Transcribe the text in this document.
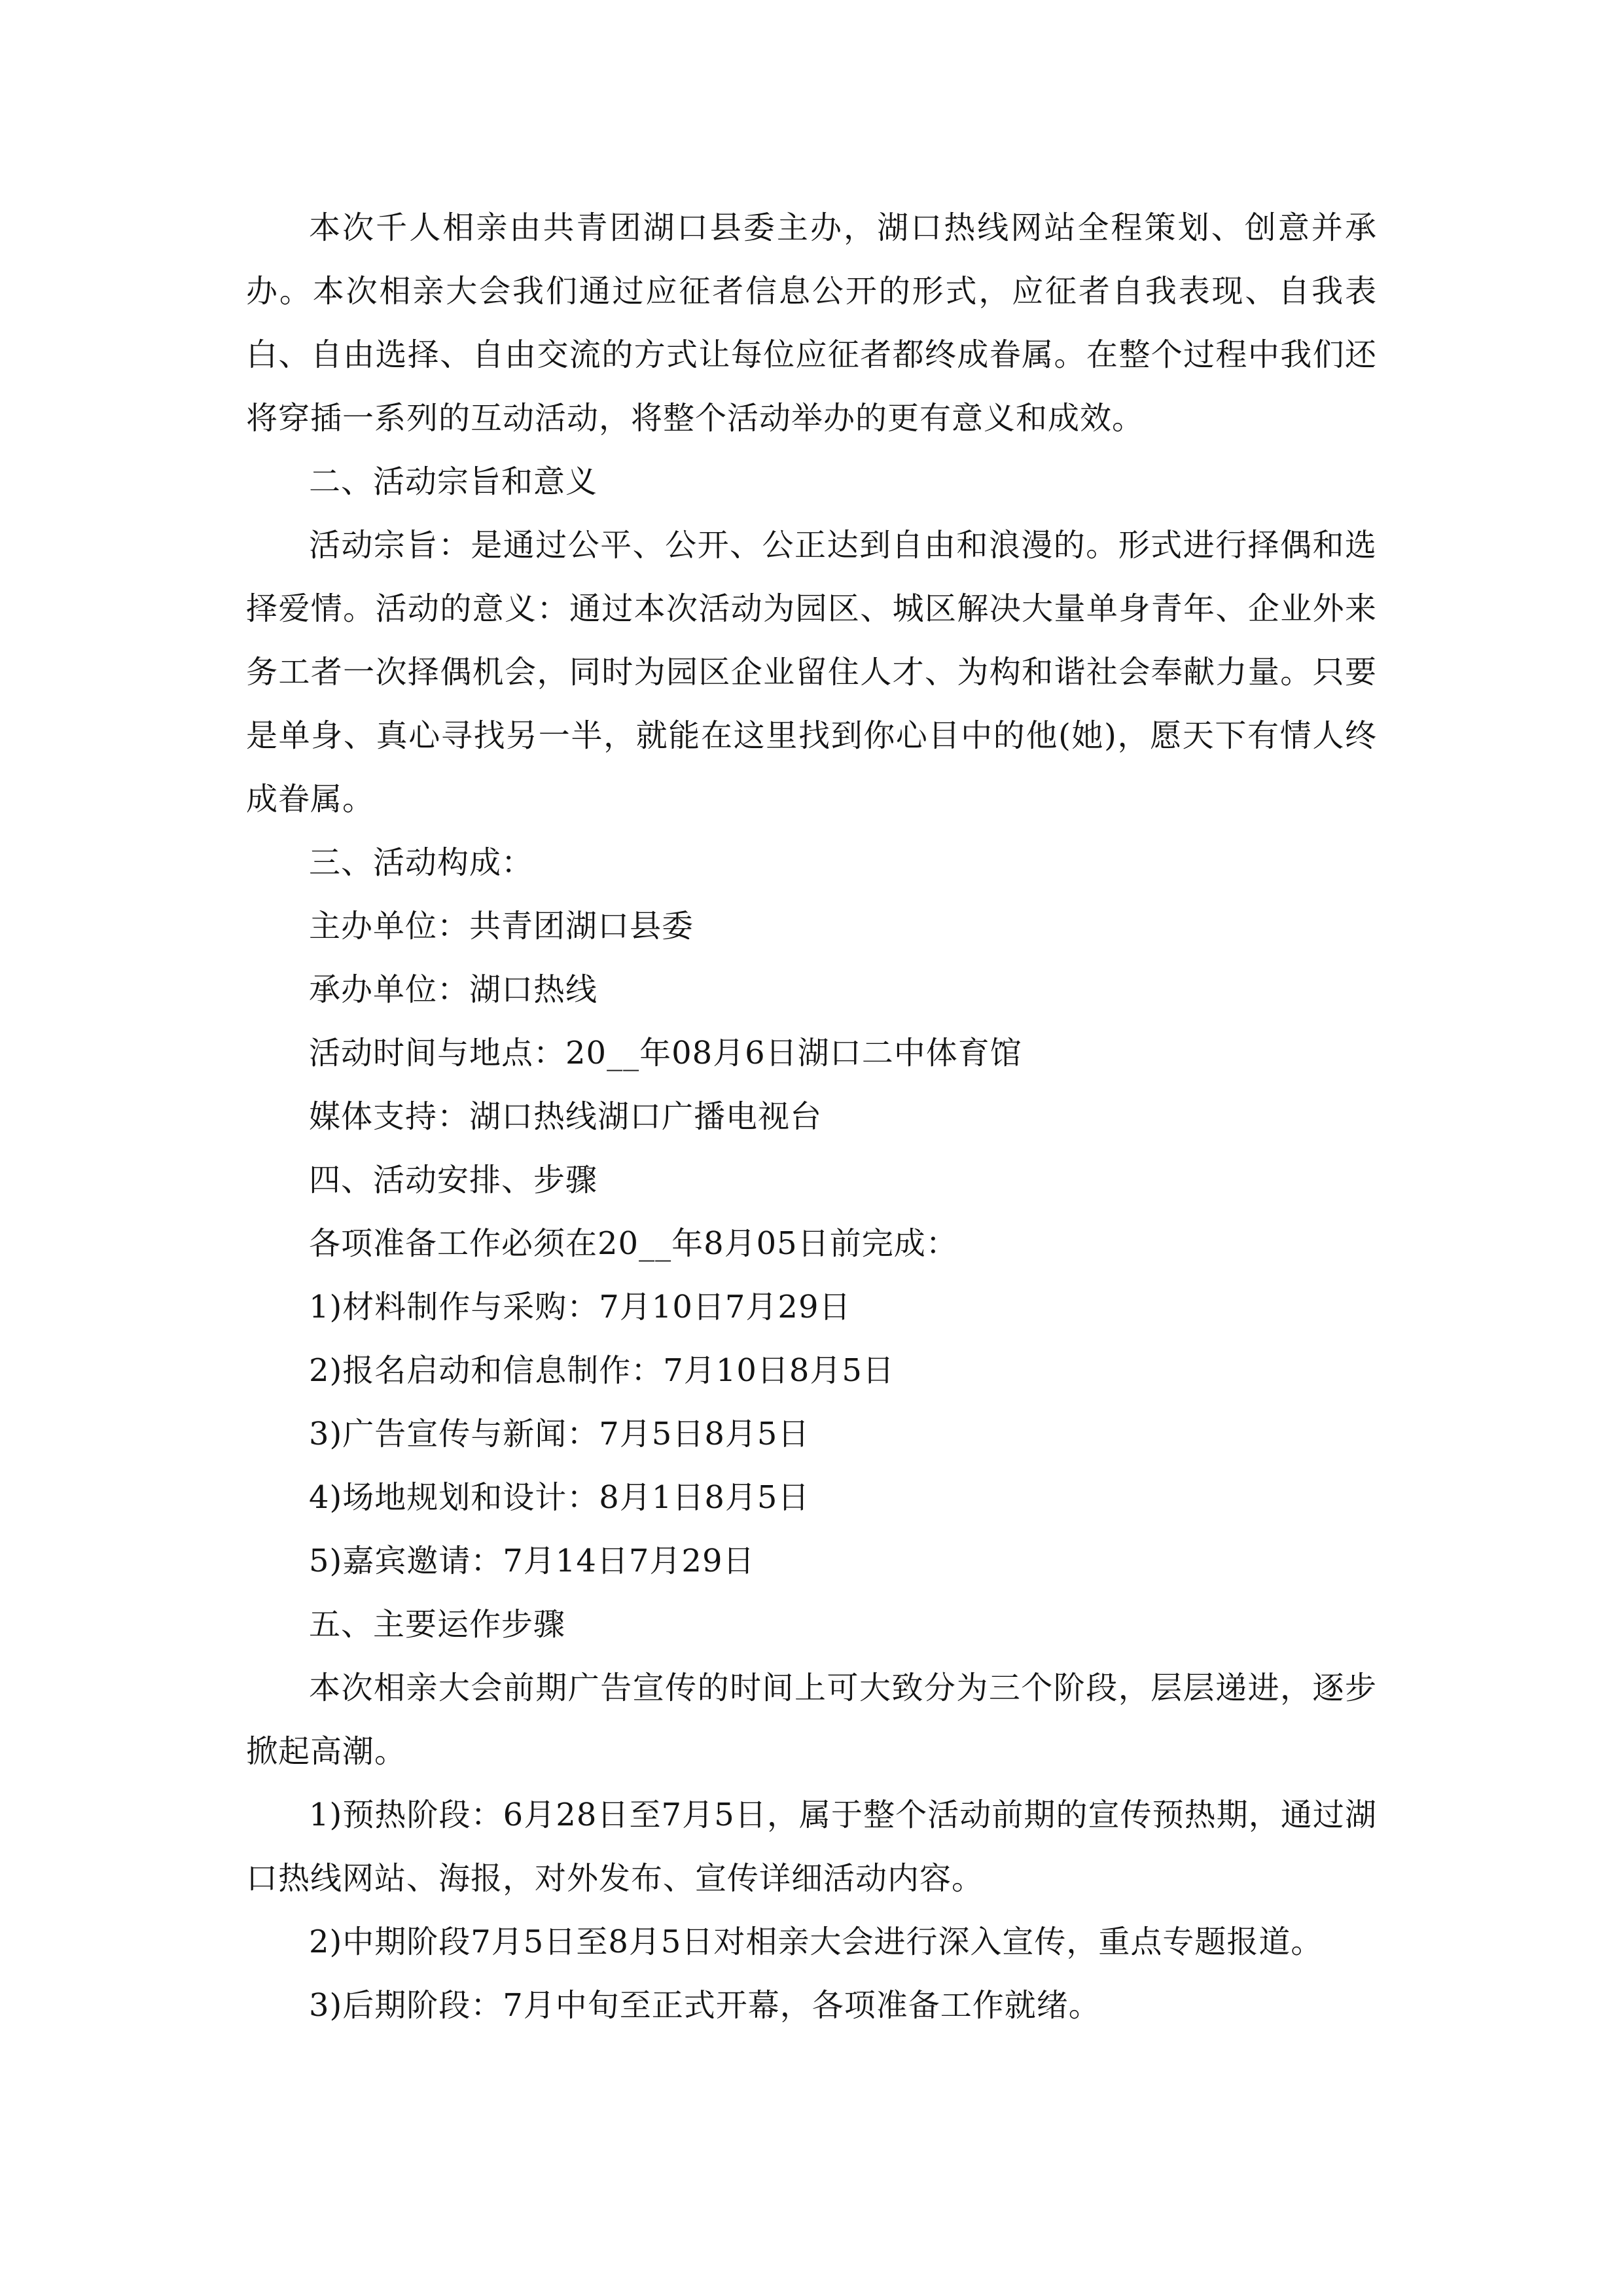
本次千人相亲由共青团湖口县委主办，湖口热线网站全程策划、创意并承办。本次相亲大会我们通过应征者信息公开的形式，应征者自我表现、自我表白、自由选择、自由交流的方式让每位应征者都终成眷属。在整个过程中我们还将穿插一系列的互动活动，将整个活动举办的更有意义和成效。

二、活动宗旨和意义

活动宗旨：是通过公平、公开、公正达到自由和浪漫的。形式进行择偶和选择爱情。活动的意义：通过本次活动为园区、城区解决大量单身青年、企业外来务工者一次择偶机会，同时为园区企业留住人才、为构和谐社会奉献力量。只要是单身、真心寻找另一半，就能在这里找到你心目中的他(她)，愿天下有情人终成眷属。

三、活动构成：

主办单位：共青团湖口县委

承办单位：湖口热线

活动时间与地点：20__年08月6日湖口二中体育馆

媒体支持：湖口热线湖口广播电视台

四、活动安排、步骤

各项准备工作必须在20__年8月05日前完成：

1)材料制作与采购：7月10日7月29日

2)报名启动和信息制作：7月10日8月5日

3)广告宣传与新闻：7月5日8月5日

4)场地规划和设计：8月1日8月5日

5)嘉宾邀请：7月14日7月29日

五、主要运作步骤

本次相亲大会前期广告宣传的时间上可大致分为三个阶段，层层递进，逐步掀起高潮。

1)预热阶段：6月28日至7月5日，属于整个活动前期的宣传预热期，通过湖口热线网站、海报，对外发布、宣传详细活动内容。

2)中期阶段7月5日至8月5日对相亲大会进行深入宣传，重点专题报道。

3)后期阶段：7月中旬至正式开幕，各项准备工作就绪。
